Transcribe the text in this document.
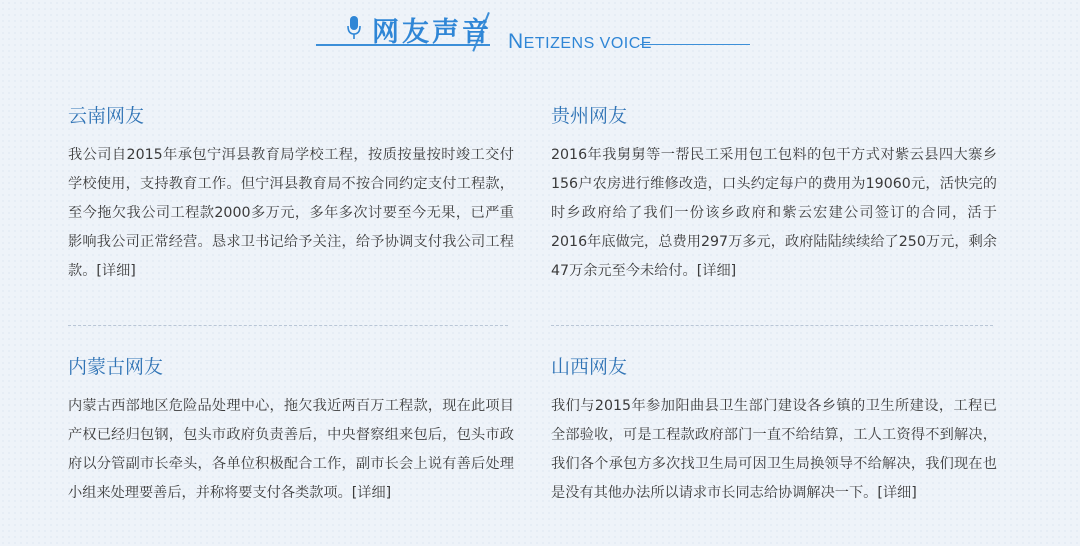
网友声音 NETIZENS VOICE
云南网友

我公司自2015年承包宁洱县教育局学校工程，按质按量按时竣工交付学校使用，支持教育工作。但宁洱县教育局不按合同约定支付工程款，至今拖欠我公司工程款2000多万元，多年多次讨要至今无果，已严重影响我公司正常经营。恳求卫书记给予关注，给予协调支付我公司工程款。[详细]

贵州网友

2016年我舅舅等一帮民工采用包工包料的包干方式对紫云县四大寨乡156户农房进行维修改造，口头约定每户的费用为19060元，活快完的时乡政府给了我们一份该乡政府和紫云宏建公司签订的合同，活于2016年底做完，总费用297万多元，政府陆陆续续给了250万元，剩余47万余元至今未给付。[详细]

内蒙古网友

内蒙古西部地区危险品处理中心，拖欠我近两百万工程款，现在此项目产权已经归包钢，包头市政府负责善后，中央督察组来包后，包头市政府以分管副市长牵头，各单位积极配合工作，副市长会上说有善后处理小组来处理要善后，并称将要支付各类款项。[详细]

山西网友

我们与2015年参加阳曲县卫生部门建设各乡镇的卫生所建设，工程已全部验收，可是工程款政府部门一直不给结算，工人工资得不到解决，我们各个承包方多次找卫生局可因卫生局换领导不给解决，我们现在也是没有其他办法所以请求市长同志给协调解决一下。[详细]
